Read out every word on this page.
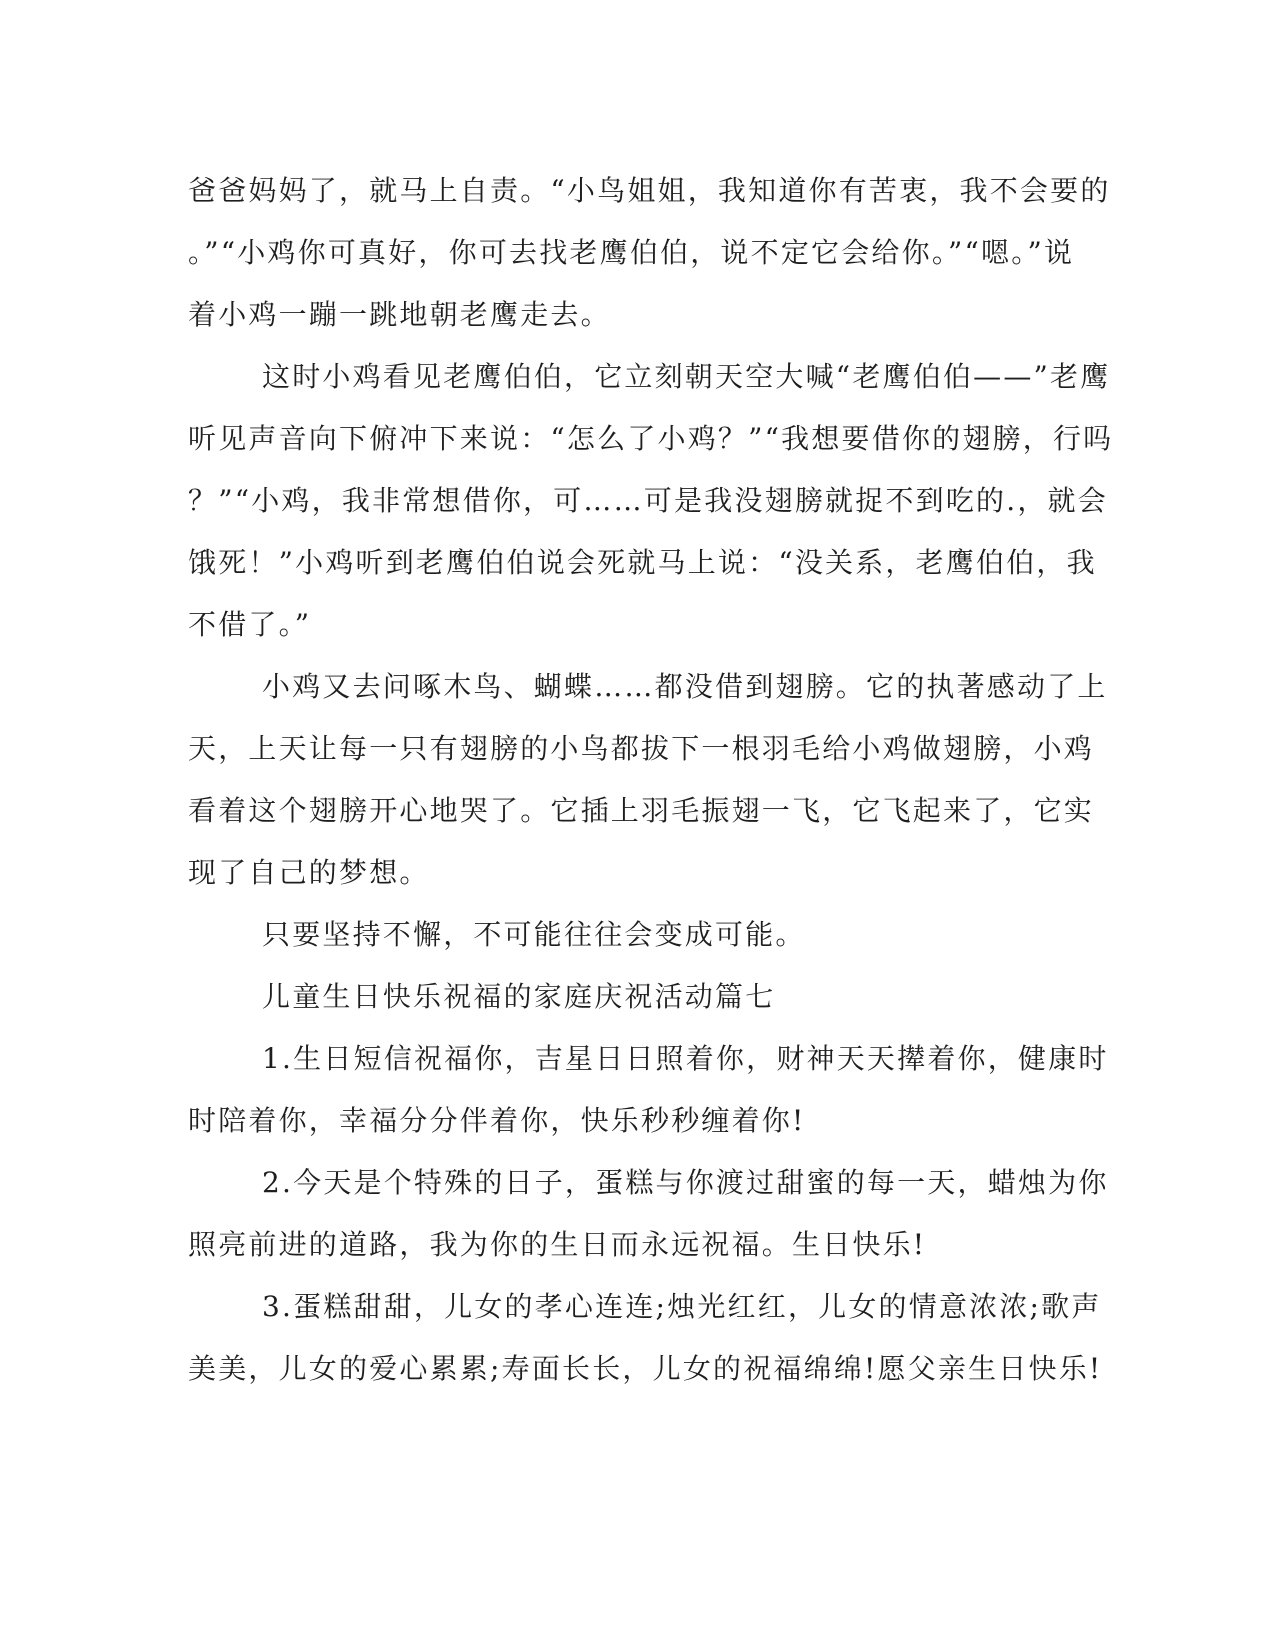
爸爸妈妈了，就马上自责。“小鸟姐姐，我知道你有苦衷，我不会要的
。”“小鸡你可真好，你可去找老鹰伯伯，说不定它会给你。”“嗯。”说
着小鸡一蹦一跳地朝老鹰走去。
这时小鸡看见老鹰伯伯，它立刻朝天空大喊“老鹰伯伯——”老鹰
听见声音向下俯冲下来说：“怎么了小鸡？”“我想要借你的翅膀，行吗
？”“小鸡，我非常想借你，可……可是我没翅膀就捉不到吃的.，就会
饿死！”小鸡听到老鹰伯伯说会死就马上说：“没关系，老鹰伯伯，我
不借了。”
小鸡又去问啄木鸟、蝴蝶……都没借到翅膀。它的执著感动了上
天，上天让每一只有翅膀的小鸟都拔下一根羽毛给小鸡做翅膀，小鸡
看着这个翅膀开心地哭了。它插上羽毛振翅一飞，它飞起来了，它实
现了自己的梦想。
只要坚持不懈，不可能往往会变成可能。
儿童生日快乐祝福的家庭庆祝活动篇七
1.生日短信祝福你，吉星日日照着你，财神天天撵着你，健康时
时陪着你，幸福分分伴着你，快乐秒秒缠着你!
2.今天是个特殊的日子，蛋糕与你渡过甜蜜的每一天，蜡烛为你
照亮前进的道路，我为你的生日而永远祝福。生日快乐!
3.蛋糕甜甜，儿女的孝心连连;烛光红红，儿女的情意浓浓;歌声
美美，儿女的爱心累累;寿面长长，儿女的祝福绵绵!愿父亲生日快乐!
